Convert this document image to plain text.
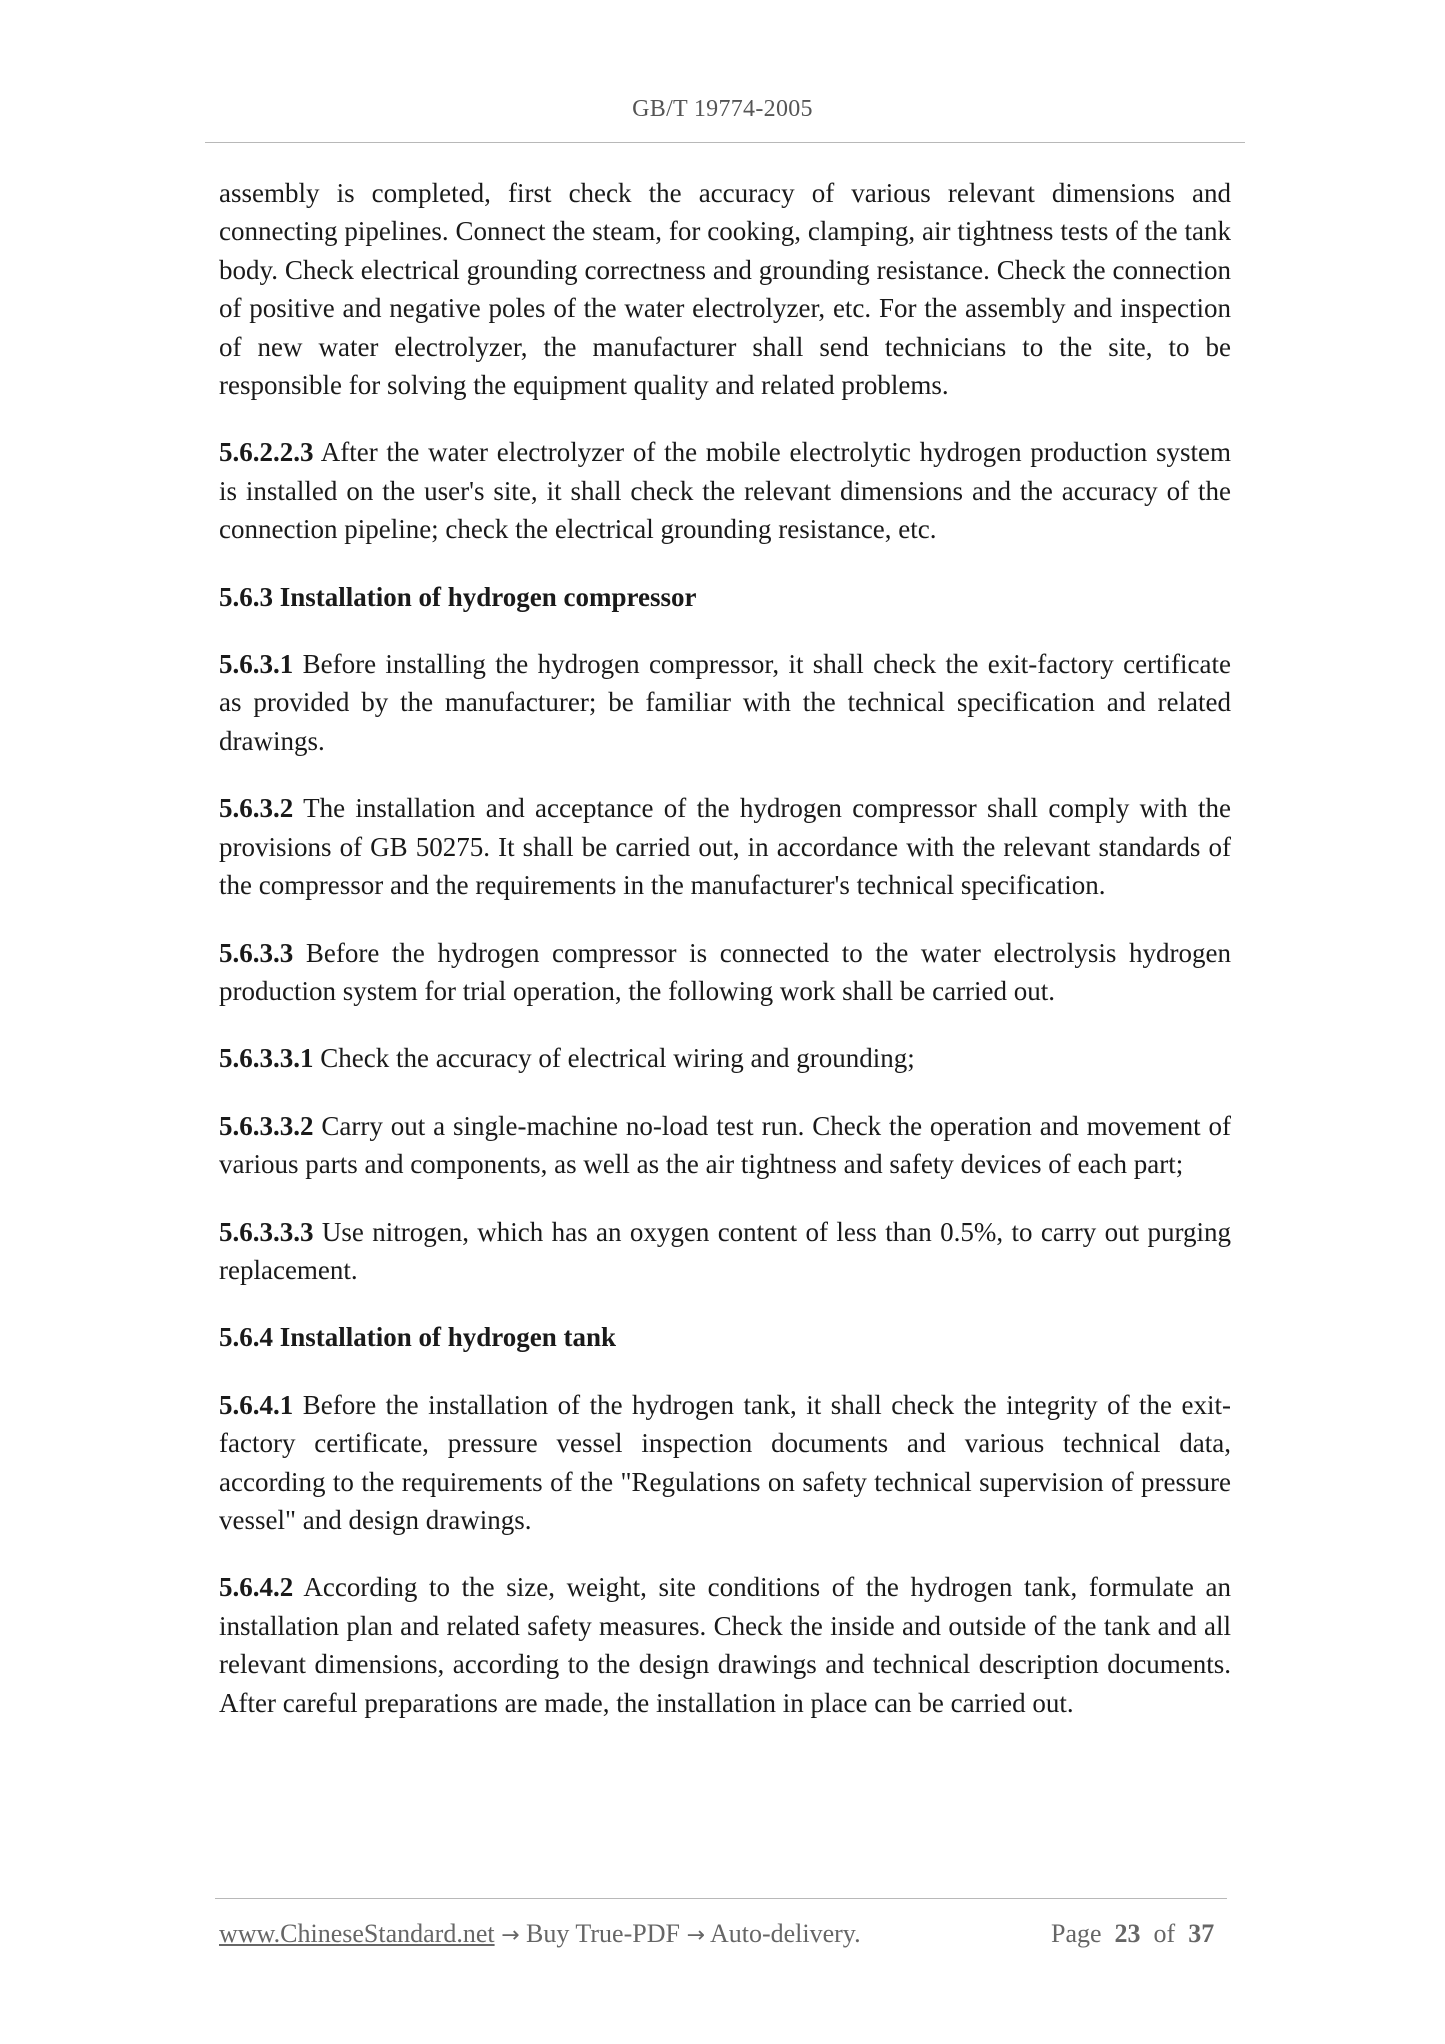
GB/T 19774-2005

assembly is completed, first check the accuracy of various relevant dimensions and connecting pipelines. Connect the steam, for cooking, clamping, air tightness tests of the tank body. Check electrical grounding correctness and grounding resistance. Check the connection of positive and negative poles of the water electrolyzer, etc. For the assembly and inspection of new water electrolyzer, the manufacturer shall send technicians to the site, to be responsible for solving the equipment quality and related problems.

5.6.2.2.3 After the water electrolyzer of the mobile electrolytic hydrogen production system is installed on the user's site, it shall check the relevant dimensions and the accuracy of the connection pipeline; check the electrical grounding resistance, etc.

5.6.3 Installation of hydrogen compressor

5.6.3.1 Before installing the hydrogen compressor, it shall check the exit-factory certificate as provided by the manufacturer; be familiar with the technical specification and related drawings.

5.6.3.2 The installation and acceptance of the hydrogen compressor shall comply with the provisions of GB 50275. It shall be carried out, in accordance with the relevant standards of the compressor and the requirements in the manufacturer's technical specification.

5.6.3.3 Before the hydrogen compressor is connected to the water electrolysis hydrogen production system for trial operation, the following work shall be carried out.

5.6.3.3.1 Check the accuracy of electrical wiring and grounding;

5.6.3.3.2 Carry out a single-machine no-load test run. Check the operation and movement of various parts and components, as well as the air tightness and safety devices of each part;

5.6.3.3.3 Use nitrogen, which has an oxygen content of less than 0.5%, to carry out purging replacement.

5.6.4 Installation of hydrogen tank

5.6.4.1 Before the installation of the hydrogen tank, it shall check the integrity of the exit-factory certificate, pressure vessel inspection documents and various technical data, according to the requirements of the "Regulations on safety technical supervision of pressure vessel" and design drawings.

5.6.4.2 According to the size, weight, site conditions of the hydrogen tank, formulate an installation plan and related safety measures. Check the inside and outside of the tank and all relevant dimensions, according to the design drawings and technical description documents. After careful preparations are made, the installation in place can be carried out.

www.ChineseStandard.net → Buy True-PDF → Auto-delivery.	Page 23 of 37
